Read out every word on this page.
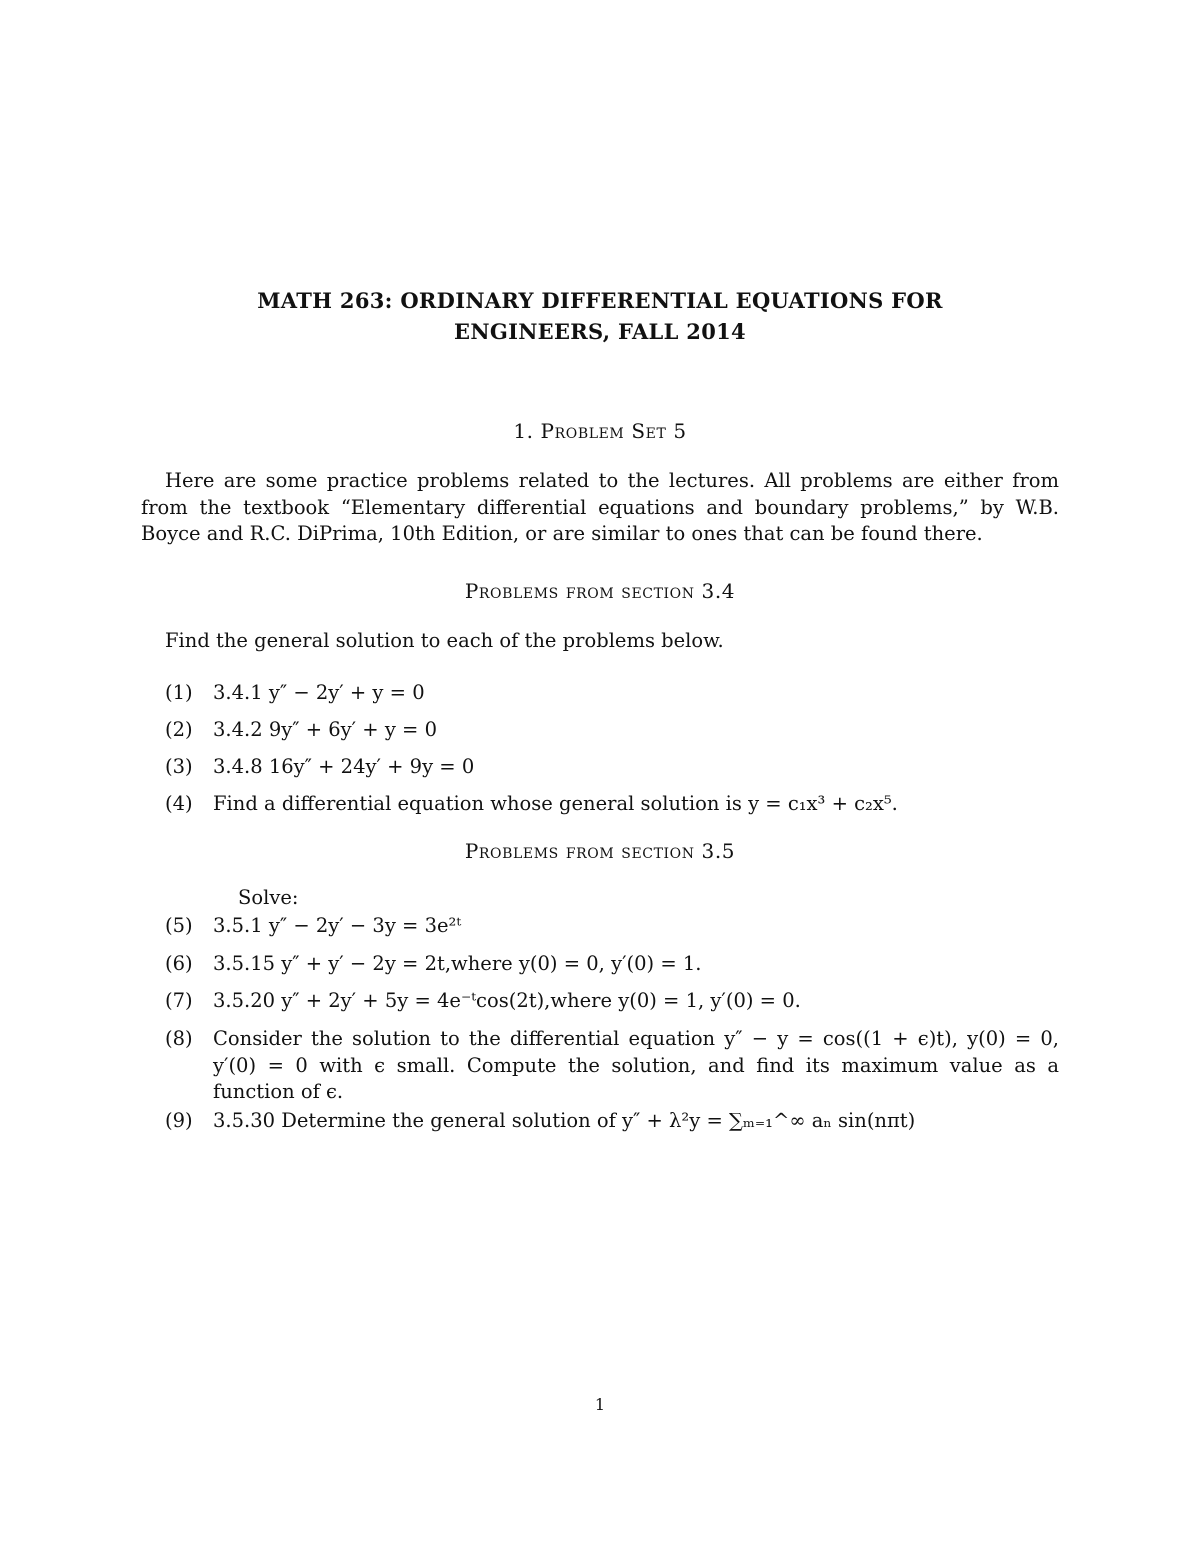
MATH 263: ORDINARY DIFFERENTIAL EQUATIONS FOR
ENGINEERS, FALL 2014
1. Problem Set 5
Here are some practice problems related to the lectures. All problems are either from from the textbook “Elementary differential equations and boundary problems,” by W.B. Boyce and R.C. DiPrima, 10th Edition, or are similar to ones that can be found there.
Problems from section 3.4
Find the general solution to each of the problems below.
(1) 3.4.1 y″ − 2y′ + y = 0
(2) 3.4.2 9y″ + 6y′ + y = 0
(3) 3.4.8 16y″ + 24y′ + 9y = 0
(4) Find a differential equation whose general solution is y = c₁x³ + c₂x⁵.
Problems from section 3.5
Solve:
(5) 3.5.1 y″ − 2y′ − 3y = 3e²ᵗ
(6) 3.5.15 y″ + y′ − 2y = 2t,where y(0) = 0, y′(0) = 1.
(7) 3.5.20 y″ + 2y′ + 5y = 4e⁻ᵗcos(2t),where y(0) = 1, y′(0) = 0.
(8) Consider the solution to the differential equation y″ − y = cos((1 + ϵ)t), y(0) = 0, y′(0) = 0 with ϵ small. Compute the solution, and find its maximum value as a function of ϵ.
(9) 3.5.30 Determine the general solution of y″ + λ²y = ∑ₘ₌₁^∞ aₙ sin(nπt)
1
